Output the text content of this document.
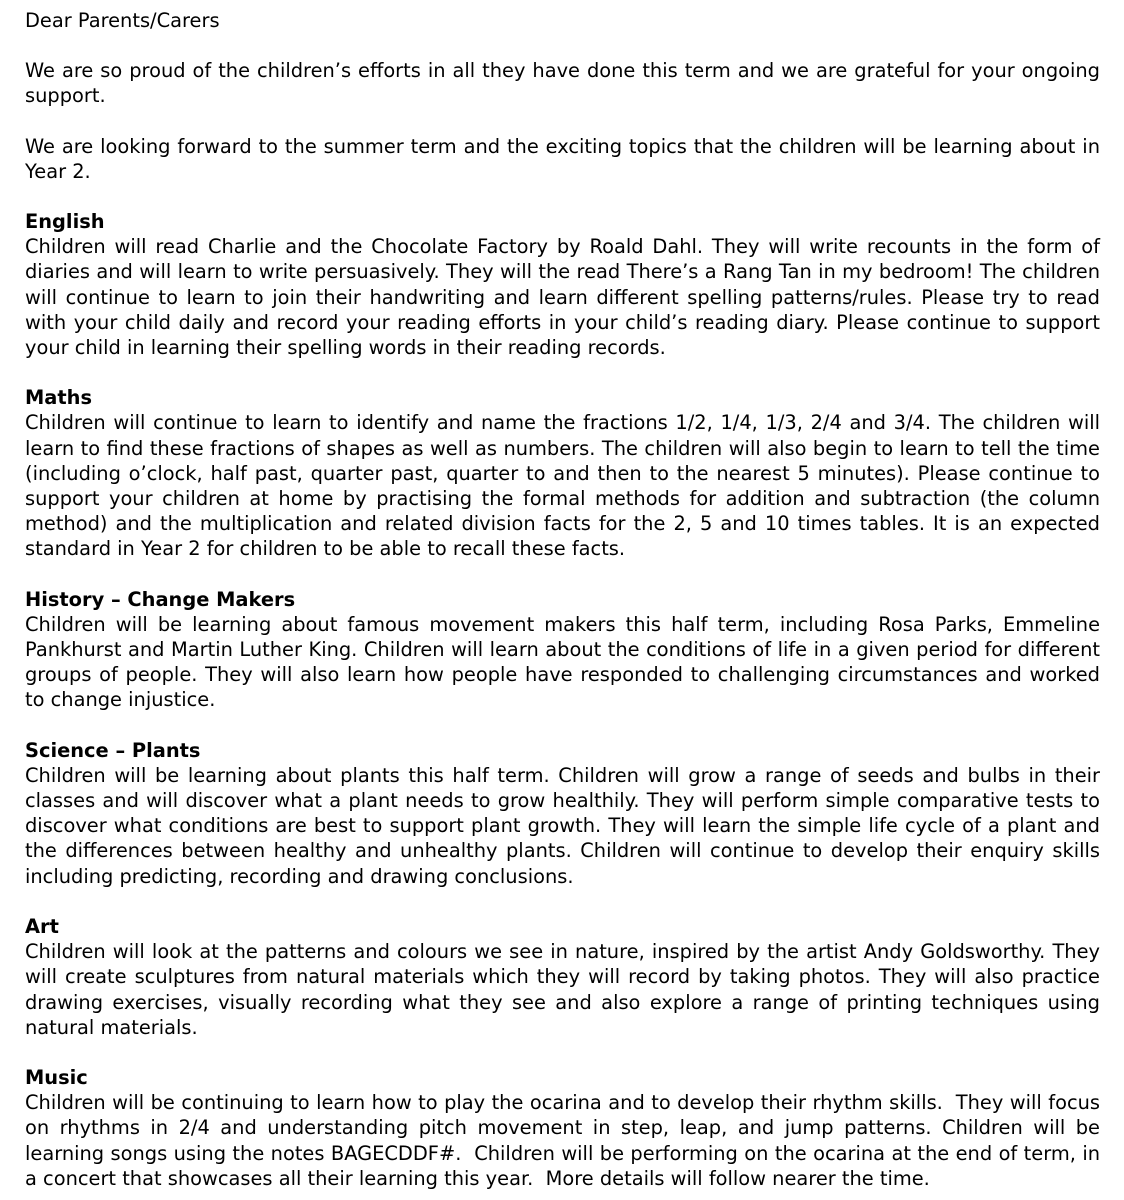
Dear Parents/Carers

We are so proud of the children’s efforts in all they have done this term and we are grateful for your ongoing support.

We are looking forward to the summer term and the exciting topics that the children will be learning about in Year 2.

English

Children will read Charlie and the Chocolate Factory by Roald Dahl. They will write recounts in the form of diaries and will learn to write persuasively. They will the read There’s a Rang Tan in my bedroom! The children will continue to learn to join their handwriting and learn different spelling patterns/rules. Please try to read with your child daily and record your reading efforts in your child’s reading diary. Please continue to support your child in learning their spelling words in their reading records.

Maths

Children will continue to learn to identify and name the fractions 1/2, 1/4, 1/3, 2/4 and 3/4. The children will learn to find these fractions of shapes as well as numbers. The children will also begin to learn to tell the time (including o’clock, half past, quarter past, quarter to and then to the nearest 5 minutes). Please continue to support your children at home by practising the formal methods for addition and subtraction (the column method) and the multiplication and related division facts for the 2, 5 and 10 times tables. It is an expected standard in Year 2 for children to be able to recall these facts.

History – Change Makers

Children will be learning about famous movement makers this half term, including Rosa Parks, Emmeline Pankhurst and Martin Luther King. Children will learn about the conditions of life in a given period for different groups of people. They will also learn how people have responded to challenging circumstances and worked to change injustice.

Science – Plants

Children will be learning about plants this half term. Children will grow a range of seeds and bulbs in their classes and will discover what a plant needs to grow healthily. They will perform simple comparative tests to discover what conditions are best to support plant growth. They will learn the simple life cycle of a plant and the differences between healthy and unhealthy plants. Children will continue to develop their enquiry skills including predicting, recording and drawing conclusions.

Art

Children will look at the patterns and colours we see in nature, inspired by the artist Andy Goldsworthy. They will create sculptures from natural materials which they will record by taking photos. They will also practice drawing exercises, visually recording what they see and also explore a range of printing techniques using natural materials.

Music

Children will be continuing to learn how to play the ocarina and to develop their rhythm skills.  They will focus on rhythms in 2/4 and understanding pitch movement in step, leap, and jump patterns. Children will be learning songs using the notes BAGECDDF#.  Children will be performing on the ocarina at the end of term, in a concert that showcases all their learning this year.  More details will follow nearer the time.
